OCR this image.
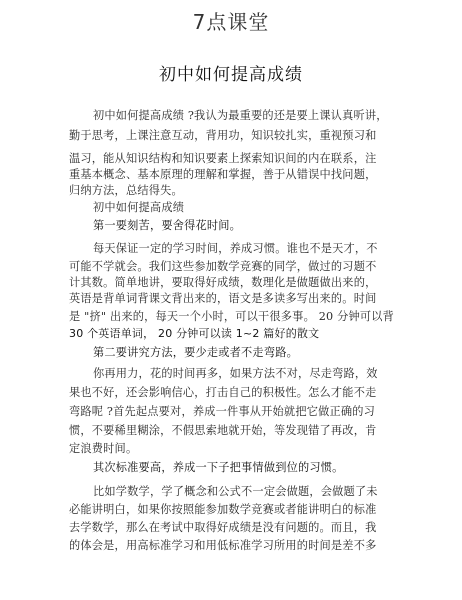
7点课堂
初中如何提高成绩
初中如何提高成绩 ?我认为最重要的还是要上课认真听讲，
勤于思考，上课注意互动，背用功，知识较扎实，重视预习和
温习，能从知识结构和知识要素上探索知识间的内在联系，注
重基本概念、基本原理的理解和掌握，善于从错误中找问题，
归纳方法，总结得失。
初中如何提高成绩
第一要刻苦，要舍得花时间。
每天保证一定的学习时间，养成习惯。谁也不是天才，不
可能不学就会。我们这些参加数学竞赛的同学，做过的习题不
计其数。简单地讲，要取得好成绩，数理化是做题做出来的，
英语是背单词背课文背出来的，语文是多读多写出来的。时间
是 "挤" 出来的，每天一个小时，可以干很多事。 20 分钟可以背
30 个英语单词， 20 分钟可以读 1~2 篇好的散文
第二要讲究方法，要少走或者不走弯路。
你再用力，花的时间再多，如果方法不对，尽走弯路，效
果也不好，还会影响信心，打击自己的积极性。怎么才能不走
弯路呢 ?首先起点要对，养成一件事从开始就把它做正确的习
惯，不要稀里糊涂，不假思索地就开始，等发现错了再改，肯
定浪费时间。
其次标准要高，养成一下子把事情做到位的习惯。
比如学数学，学了概念和公式不一定会做题，会做题了未
必能讲明白，如果你按照能参加数学竞赛或者能讲明白的标准
去学数学，那么在考试中取得好成绩是没有问题的。而且，我
的体会是，用高标准学习和用低标准学习所用的时间是差不多
